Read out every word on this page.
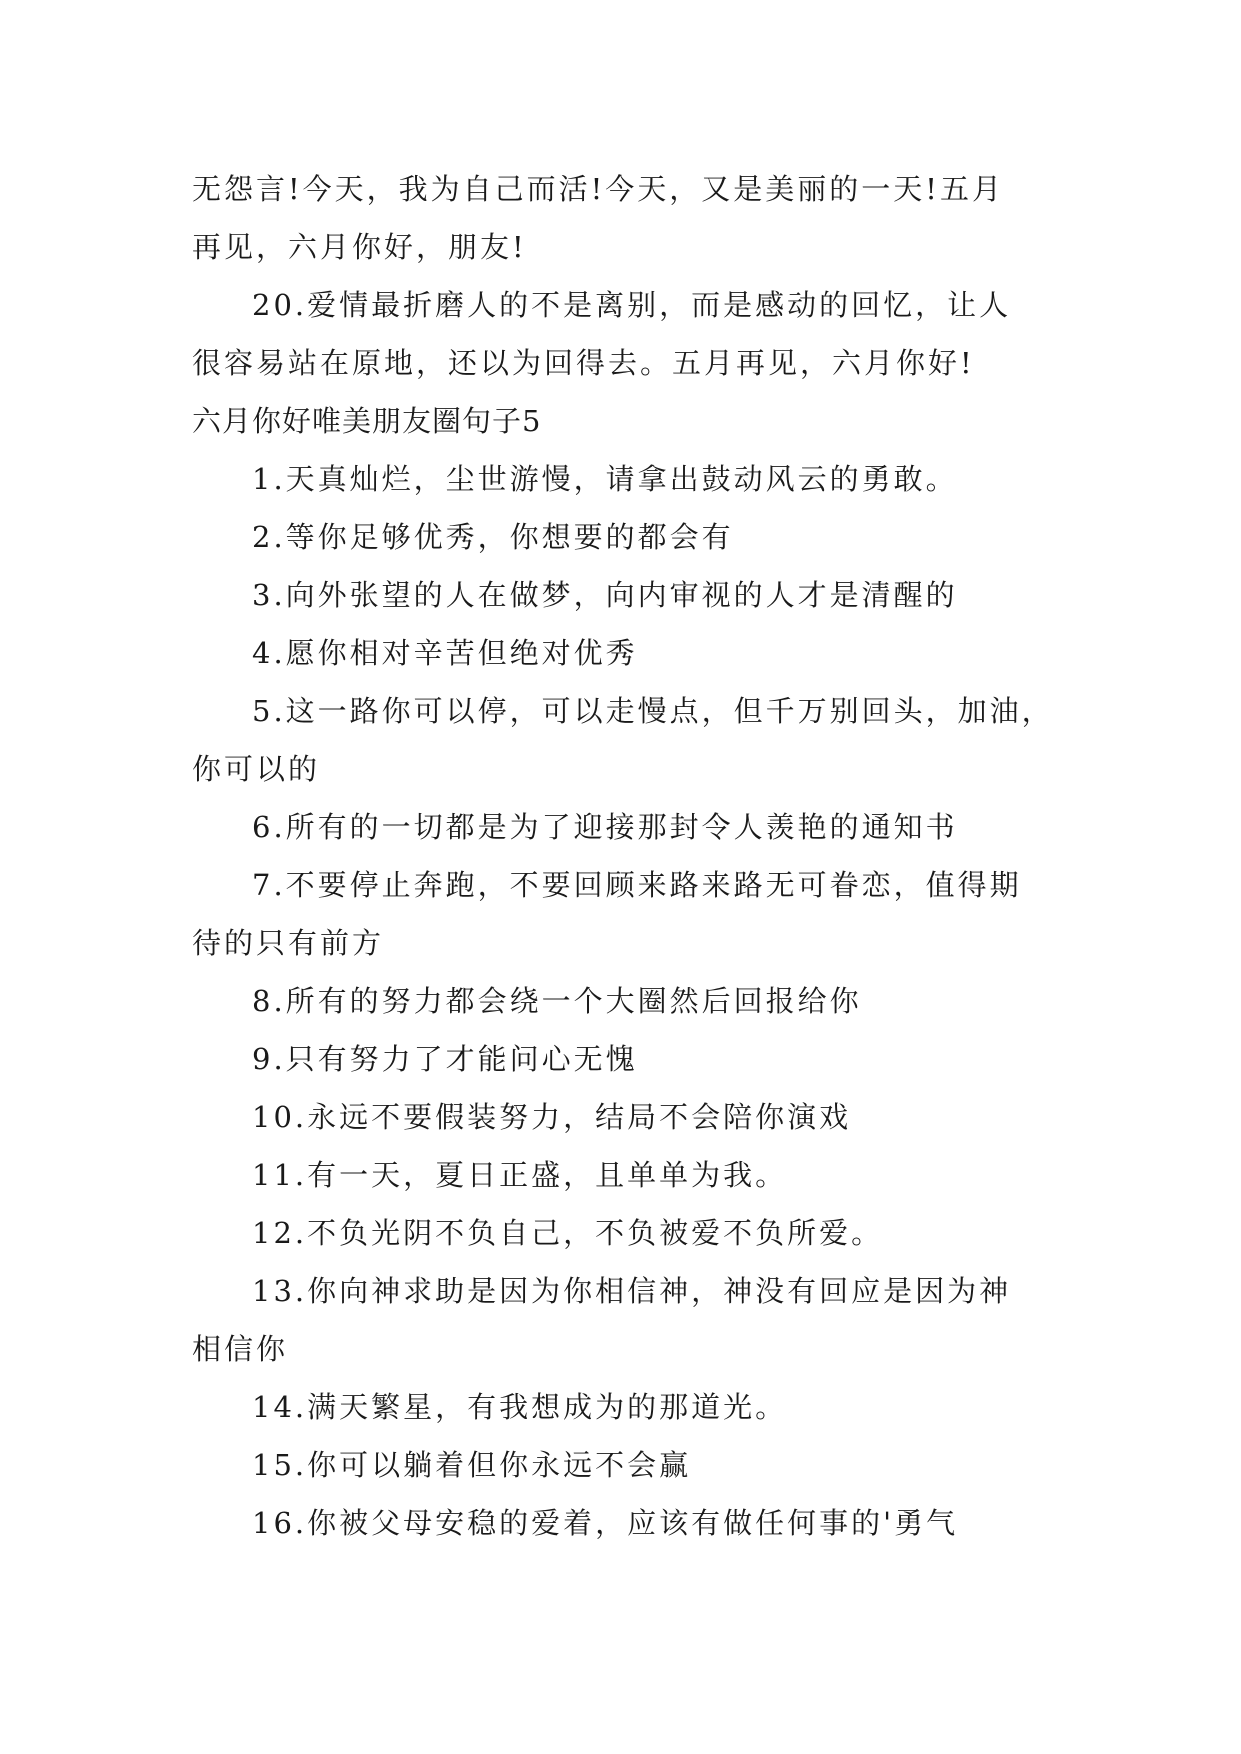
无怨言!今天，我为自己而活!今天，又是美丽的一天!五月
再见，六月你好，朋友!
20.爱情最折磨人的不是离别，而是感动的回忆，让人
很容易站在原地，还以为回得去。五月再见，六月你好!
六月你好唯美朋友圈句子5
1.天真灿烂，尘世游慢，请拿出鼓动风云的勇敢。
2.等你足够优秀，你想要的都会有
3.向外张望的人在做梦，向内审视的人才是清醒的
4.愿你相对辛苦但绝对优秀
5.这一路你可以停，可以走慢点，但千万别回头，加油，
你可以的
6.所有的一切都是为了迎接那封令人羡艳的通知书
7.不要停止奔跑，不要回顾来路来路无可眷恋，值得期
待的只有前方
8.所有的努力都会绕一个大圈然后回报给你
9.只有努力了才能问心无愧
10.永远不要假装努力，结局不会陪你演戏
11.有一天，夏日正盛，且单单为我。
12.不负光阴不负自己，不负被爱不负所爱。
13.你向神求助是因为你相信神，神没有回应是因为神
相信你
14.满天繁星，有我想成为的那道光。
15.你可以躺着但你永远不会赢
16.你被父母安稳的爱着，应该有做任何事的'勇气
